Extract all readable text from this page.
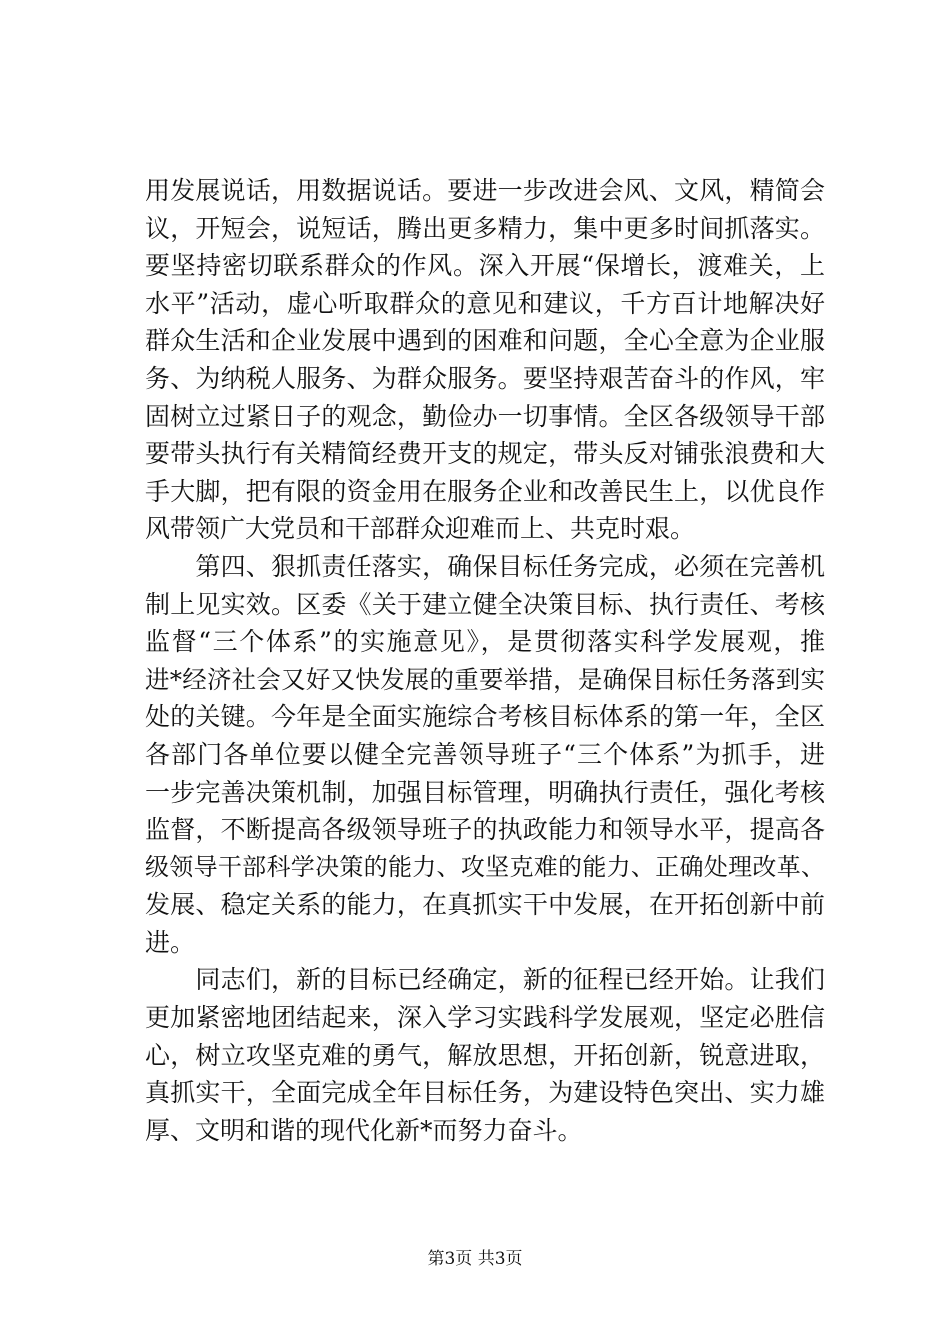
用发展说话，用数据说话。要进一步改进会风、文风，精简会
议，开短会，说短话，腾出更多精力，集中更多时间抓落实。
要坚持密切联系群众的作风。深入开展“保增长，渡难关，上
水平”活动，虚心听取群众的意见和建议，千方百计地解决好
群众生活和企业发展中遇到的困难和问题，全心全意为企业服
务、为纳税人服务、为群众服务。要坚持艰苦奋斗的作风，牢
固树立过紧日子的观念，勤俭办一切事情。全区各级领导干部
要带头执行有关精简经费开支的规定，带头反对铺张浪费和大
手大脚，把有限的资金用在服务企业和改善民生上，以优良作
风带领广大党员和干部群众迎难而上、共克时艰。
　　第四、狠抓责任落实，确保目标任务完成，必须在完善机
制上见实效。区委《关于建立健全决策目标、执行责任、考核
监督“三个体系”的实施意见》，是贯彻落实科学发展观，推
进*经济社会又好又快发展的重要举措，是确保目标任务落到实
处的关键。今年是全面实施综合考核目标体系的第一年，全区
各部门各单位要以健全完善领导班子“三个体系”为抓手，进
一步完善决策机制，加强目标管理，明确执行责任，强化考核
监督，不断提高各级领导班子的执政能力和领导水平，提高各
级领导干部科学决策的能力、攻坚克难的能力、正确处理改革、
发展、稳定关系的能力，在真抓实干中发展，在开拓创新中前
进。
　　同志们，新的目标已经确定，新的征程已经开始。让我们
更加紧密地团结起来，深入学习实践科学发展观，坚定必胜信
心，树立攻坚克难的勇气，解放思想，开拓创新，锐意进取，
真抓实干，全面完成全年目标任务，为建设特色突出、实力雄
厚、文明和谐的现代化新*而努力奋斗。
第3页 共3页
